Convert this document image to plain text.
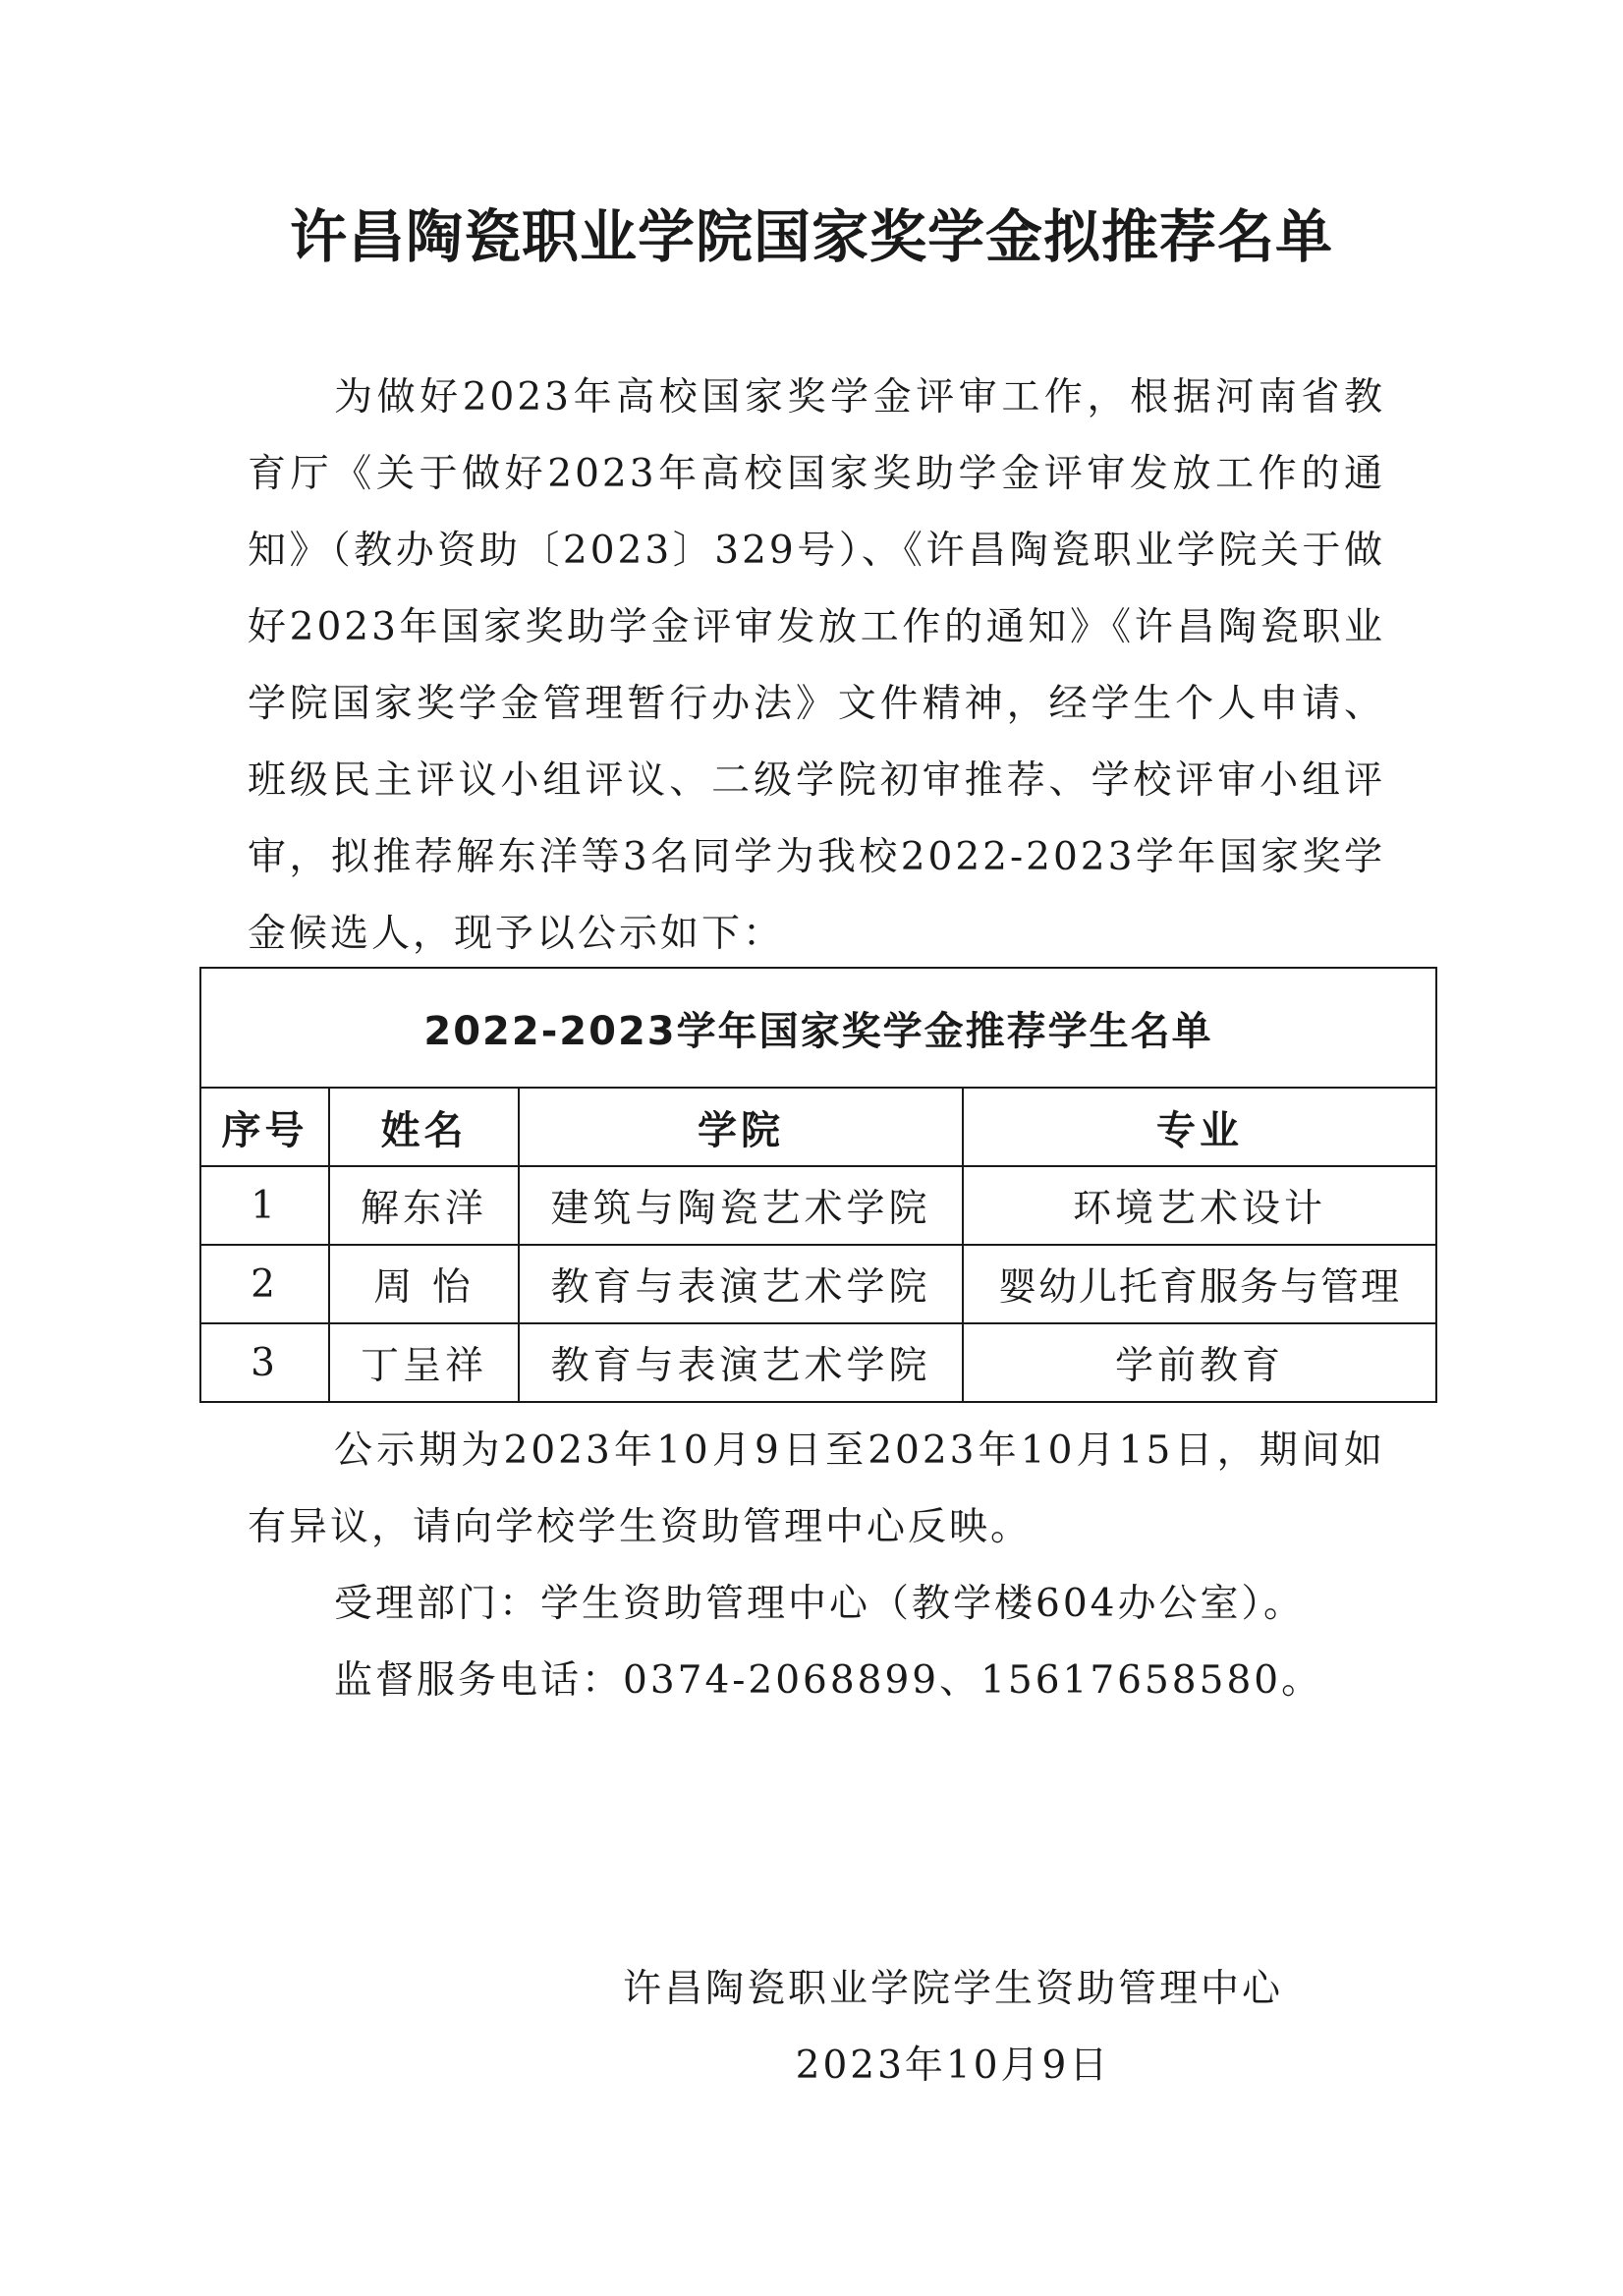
许昌陶瓷职业学院国家奖学金拟推荐名单

为做好2023年高校国家奖学金评审工作，根据河南省教育厅《关于做好2023年高校国家奖助学金评审发放工作的通知》（教办资助〔2023〕329号）、《许昌陶瓷职业学院关于做好2023年国家奖助学金评审发放工作的通知》《许昌陶瓷职业学院国家奖学金管理暂行办法》文件精神，经学生个人申请、班级民主评议小组评议、二级学院初审推荐、学校评审小组评审，拟推荐解东洋等3名同学为我校2022-2023学年国家奖学金候选人，现予以公示如下：

2022-2023学年国家奖学金推荐学生名单			
序号	姓名	学院	专业
1	解东洋	建筑与陶瓷艺术学院	环境艺术设计
2	周 怡	教育与表演艺术学院	婴幼儿托育服务与管理
3	丁呈祥	教育与表演艺术学院	学前教育

公示期为2023年10月9日至2023年10月15日，期间如有异议，请向学校学生资助管理中心反映。

受理部门：学生资助管理中心（教学楼604办公室）。

监督服务电话：0374-2068899、15617658580。

许昌陶瓷职业学院学生资助管理中心

2023年10月9日
